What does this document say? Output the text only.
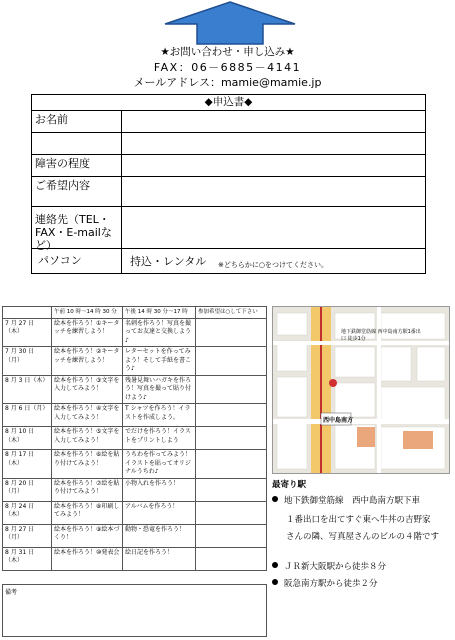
★お問い合わせ・申し込み★
FAX：06－6885－4141
メールアドレス：mamie@mamie.jp
◆申込書◆
お名前
障害の程度
ご希望内容
連絡先（TEL・FAX・E-mailなど）
パソコン	持込・レンタル ※どちらかに○をつけてください。
	午前 10 時～14 時 30 分	午後 14 時 30 分～17 時	参加希望は○して下さい
7 月 27 日（木）	絵本を作ろう！①キータッチを練習しよう！	名刺を作ろう！写真を撮ってお友達と交換しよう♪	
7 月 30 日（月）	絵本を作ろう！②キータッチを練習しよう！	レターセットを作ってみよう！そして手紙を書こう♪	
8 月 3 日（木）	絵本を作ろう！③文字を入力してみよう！	残暑見舞いハガキを作ろう！写真を撮って貼り付けよう♪	
8 月 6 日（月）	絵本を作ろう！④文字を入力してみよう！	T シャツを作ろう！イラストを作成しよう。	
8 月 10 日（木）	絵本を作ろう！⑤文字を入力してみよう！	でだけを作ろう！イラストをプリントしよう	
8 月 17 日（木）	絵本を作ろう！⑥絵を貼り付けてみよう！	うちわを作ってみよう！イラストを貼ってオリジナルうちわ♪	
8 月 20 日（月）	絵本を作ろう！⑦絵を貼り付けてみよう！	小物入れを作ろう！	
8 月 24 日（木）	絵本を作ろう！⑧印刷してみよう！	アルバムを作ろう！	
8 月 27 日（月）	絵本を作ろう！⑨絵本づくり！	動物・恐竜を作ろう！	
8 月 31 日（木）	絵本を作ろう！⑩発表会	絵日記を作ろう！	
備考
西中島南方
地下鉄御堂筋線 西中島南方駅1番出口 徒歩1分
最寄り駅
地下鉄御堂筋線　西中島南方駅下車
１番出口を出てすぐ東へ牛丼の吉野家
さんの隣、写真屋さんのビルの４階です
ＪＲ新大阪駅から徒歩８分
阪急南方駅から徒歩２分
